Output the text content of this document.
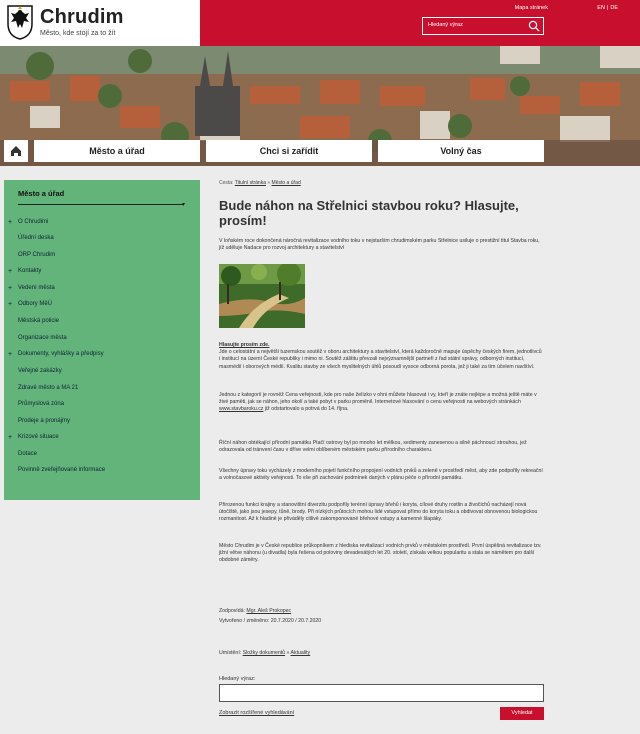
Chrudim
Město, kde stojí za to žít
Mapa stránek	EN | DE
Hledaný výraz
Město a úřad	Chci si zařídit	Volný čas
Město a úřad
▾
+ O Chrudimi
Úřední deska
ORP Chrudim
+ Kontakty
+ Vedení města
+ Odbory MěÚ
Městská policie
Organizace města
+ Dokumenty, vyhlášky a předpisy
Veřejné zakázky
Zdravé město a MA 21
Průmyslová zóna
Prodeje a pronájmy
+ Krizové situace
Dotace
Povinně zveřejňované informace
Cesta: Titulní stránka » Město a úřad
Bude náhon na Střelnici stavbou roku? Hlasujte, prosím!

V loňském roce dokončená náročná revitalizace vodního toku v nejstarším chrudimském parku Střelnice usiluje o prestižní titul Stavba roku, jíž uděluje Nadace pro rozvoj architektury a stavitelství

Hlasujte prosím zde.

Jde o celostátní a největší tuzemskou soutěž v oboru architektury a stavitelství, která každoročně mapuje úspěchy českých firem, jednotlivců i institucí na území České republiky i mimo ni. Soutěž záštitu převzali nejvýznamnější partneři z řad státní správy, odborných institucí, masmédií i oborových médií. Kvalitu stavby ze všech myslitelných úhlů posoudí vysoce odborná porota, jež ji také za tím účelem navštíví.

Jednou z kategorií je rovněž Cena veřejnosti, kde pro naše želízko v ohni můžete hlasovat i vy, kteří je znáte nejlépe a možná ještě máte v živé paměti, jak se náhon, jeho okolí a také pobyt v parku proměnil. Internetové hlasování o cenu veřejnosti na webových stránkách www.stavbaroku.cz již odstartovalo a potrvá do 14. října.

Říční náhon obtékající přírodní památku Ptačí ostrovy byl po mnoho let mělkou, sedimenty zanesenou a silně páchnoucí strouhou, jež odrazovala od tránvení času v dříve velmi oblíbeném městském parku přírodního charakteru.

Všechny úpravy toku vycházely z moderního pojetí funkčního propojení vodních prvků a zeleně v prostředí měst, aby zde podpořily rekreační a volnočasové aktivity veřejnosti. To vše při zachování podmínek daných v plánu péče o přírodní památku.

Přirozenou funkci krajiny a stanovištní diverzitu podpořily terénní úpravy břehů i koryta, cílové druhy rostlin a živočichů nacházejí nová útočiště, jako jsou jesepy, tůně, brody. Při nízkých průtocích mohou lidé vstupovat přímo do koryta toku a obdivovat obnovenou biologickou rozmanitost. Až k hladině je přiváděly citlivě zakomponované břehové vstupy a kamenné šlapáky.

Město Chrudim je v České republice průkopníkem z hlediska revitalizací vodních prvků v městském prostředí. První úspěšná revitalizace tzv. jižní větve náhonu (u divadla) byla řešena od poloviny devadesátých let 20. století, získala velkou popularitu a stala se námětem pro další obdobné záměry.

Zodpovídá: Mgr. Aleš Prokopec

Vytvořeno / změněno: 20.7.2020 / 20.7.2020

Umístění: Složky dokumentů » Aktuality

Hledaný výraz:
Zobrazit rozšířené vyhledávání	Vyhledat
